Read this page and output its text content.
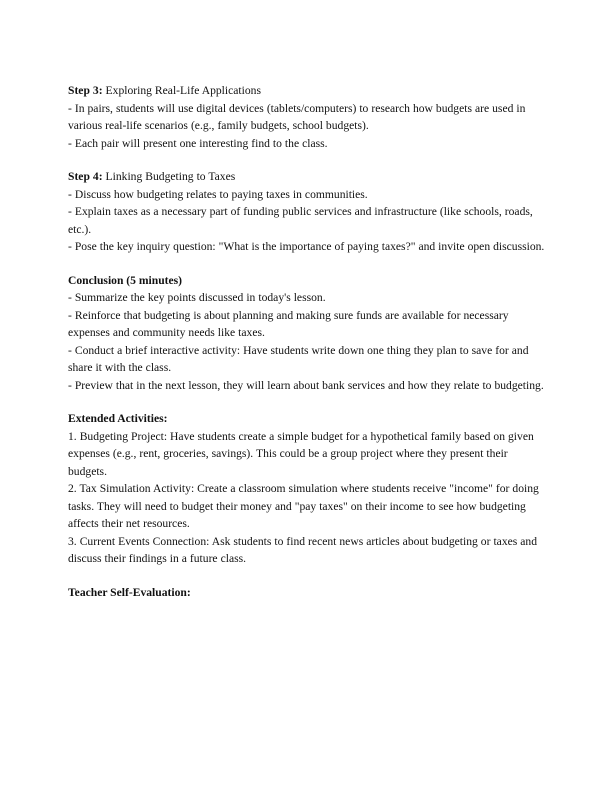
Step 3: Exploring Real-Life Applications

- In pairs, students will use digital devices (tablets/computers) to research how budgets are used in various real-life scenarios (e.g., family budgets, school budgets).

- Each pair will present one interesting find to the class.

Step 4: Linking Budgeting to Taxes

- Discuss how budgeting relates to paying taxes in communities.

- Explain taxes as a necessary part of funding public services and infrastructure (like schools, roads, etc.).

- Pose the key inquiry question: "What is the importance of paying taxes?" and invite open discussion.

Conclusion (5 minutes)

- Summarize the key points discussed in today's lesson.

- Reinforce that budgeting is about planning and making sure funds are available for necessary expenses and community needs like taxes.

- Conduct a brief interactive activity: Have students write down one thing they plan to save for and share it with the class.

- Preview that in the next lesson, they will learn about bank services and how they relate to budgeting.

Extended Activities:

1. Budgeting Project: Have students create a simple budget for a hypothetical family based on given expenses (e.g., rent, groceries, savings). This could be a group project where they present their budgets.

2. Tax Simulation Activity: Create a classroom simulation where students receive "income" for doing tasks. They will need to budget their money and "pay taxes" on their income to see how budgeting affects their net resources.

3. Current Events Connection: Ask students to find recent news articles about budgeting or taxes and discuss their findings in a future class.

Teacher Self-Evaluation:
